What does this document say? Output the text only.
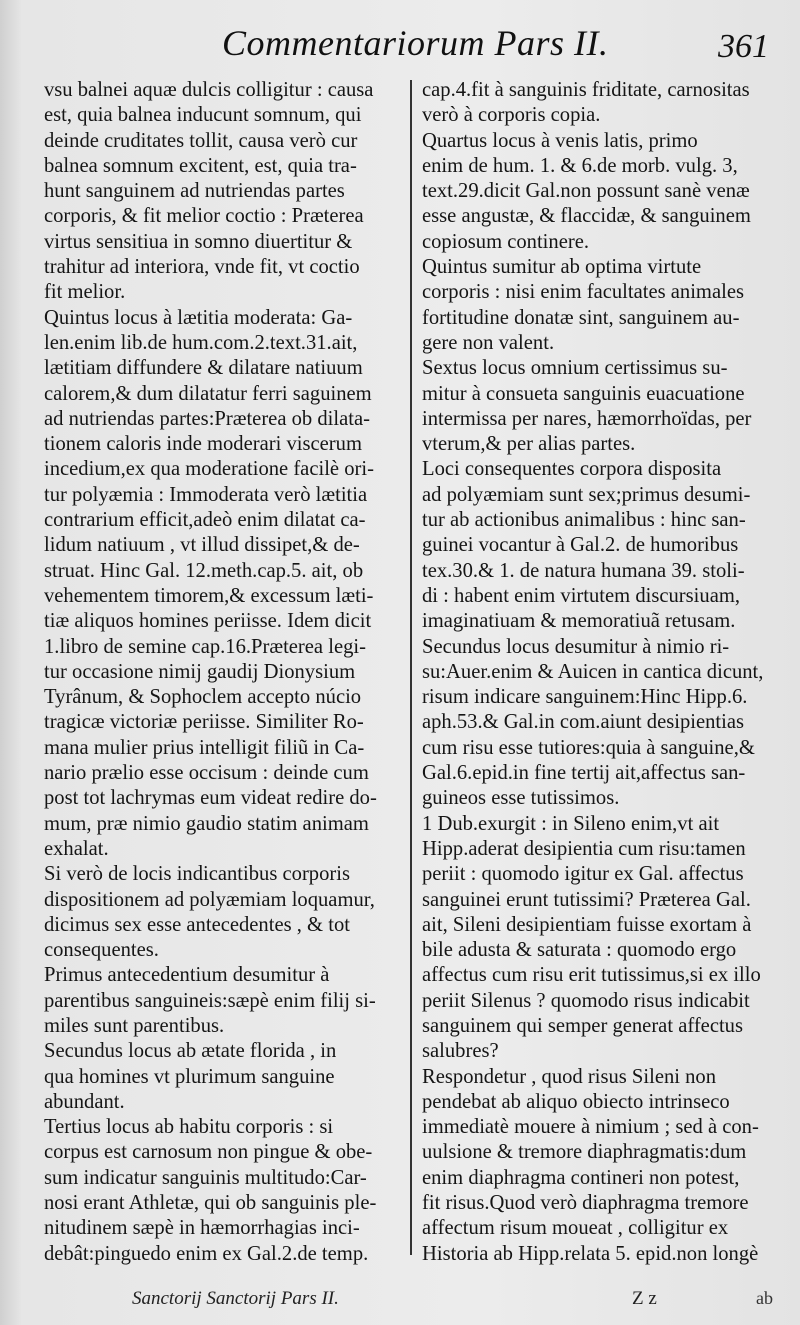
Commentariorum Pars II.	361
vsu balnei aquæ dulcis colligitur : causa
est, quia balnea inducunt somnum, qui
deinde cruditates tollit, causa verò cur
balnea somnum excitent, est, quia tra-
hunt sanguinem ad nutriendas partes
corporis, & fit melior coctio : Præterea
virtus sensitiua in somno diuertitur &
trahitur ad interiora, vnde fit, vt coctio
fit melior.
Quintus locus à lætitia moderata: Ga-
len.enim lib.de hum.com.2.text.31.ait,
lætitiam diffundere & dilatare natiuum
calorem,& dum dilatatur ferri saguinem
ad nutriendas partes:Præterea ob dilata-
tionem caloris inde moderari viscerum
incedium,ex qua moderatione facilè ori-
tur polyæmia : Immoderata verò lætitia
contrarium efficit,adeò enim dilatat ca-
lidum natiuum , vt illud dissipet,& de-
struat. Hinc Gal. 12.meth.cap.5. ait, ob
vehementem timorem,& excessum læti-
tiæ aliquos homines periisse. Idem dicit
1.libro de semine cap.16.Præterea legi-
tur occasione nimij gaudij Dionysium
Tyrânum, & Sophoclem accepto núcio
tragicæ victoriæ periisse. Similiter Ro-
mana mulier prius intelligit filiũ in Ca-
nario prælio esse occisum : deinde cum
post tot lachrymas eum videat redire do-
mum, præ nimio gaudio statim animam
exhalat.
Si verò de locis indicantibus corporis
dispositionem ad polyæmiam loquamur,
dicimus sex esse antecedentes , & tot
consequentes.
Primus antecedentium desumitur à
parentibus sanguineis:sæpè enim filij si-
miles sunt parentibus.
Secundus locus ab ætate florida , in
qua homines vt plurimum sanguine
abundant.
Tertius locus ab habitu corporis : si
corpus est carnosum non pingue & obe-
sum indicatur sanguinis multitudo:Car-
nosi erant Athletæ, qui ob sanguinis ple-
nitudinem sæpè in hæmorrhagias inci-
debât:pinguedo enim ex Gal.2.de temp.
cap.4.fit à sanguinis friditate, carnositas
verò à corporis copia.
Quartus locus à venis latis, primo
enim de hum. 1. & 6.de morb. vulg. 3,
text.29.dicit Gal.non possunt sanè venæ
esse angustæ, & flaccidæ, & sanguinem
copiosum continere.
Quintus sumitur ab optima virtute
corporis : nisi enim facultates animales
fortitudine donatæ sint, sanguinem au-
gere non valent.
Sextus locus omnium certissimus su-
mitur à consueta sanguinis euacuatione
intermissa per nares, hæmorrhoïdas, per
vterum,& per alias partes.
Loci consequentes corpora disposita
ad polyæmiam sunt sex;primus desumi-
tur ab actionibus animalibus : hinc san-
guinei vocantur à Gal.2. de humoribus
tex.30.& 1. de natura humana 39. stoli-
di : habent enim virtutem discursiuam,
imaginatiuam & memoratiuã retusam.
Secundus locus desumitur à nimio ri-
su:Auer.enim & Auicen in cantica dicunt,
risum indicare sanguinem:Hinc Hipp.6.
aph.53.& Gal.in com.aiunt desipientias
cum risu esse tutiores:quia à sanguine,&
Gal.6.epid.in fine tertij ait,affectus san-
guineos esse tutissimos.
1 Dub.exurgit : in Sileno enim,vt ait
Hipp.aderat desipientia cum risu:tamen
periit : quomodo igitur ex Gal. affectus
sanguinei erunt tutissimi? Præterea Gal.
ait, Sileni desipientiam fuisse exortam à
bile adusta & saturata : quomodo ergo
affectus cum risu erit tutissimus,si ex illo
periit Silenus ? quomodo risus indicabit
sanguinem qui semper generat affectus
salubres?
Respondetur , quod risus Sileni non
pendebat ab aliquo obiecto intrinseco
immediatè mouere à nimium ; sed à con-
uulsione & tremore diaphragmatis:dum
enim diaphragma contineri non potest,
fit risus.Quod verò diaphragma tremore
affectum risum moueat , colligitur ex
Historia ab Hipp.relata 5. epid.non longè
Sanctorij Sanctorij Pars II.	Z z	ab
